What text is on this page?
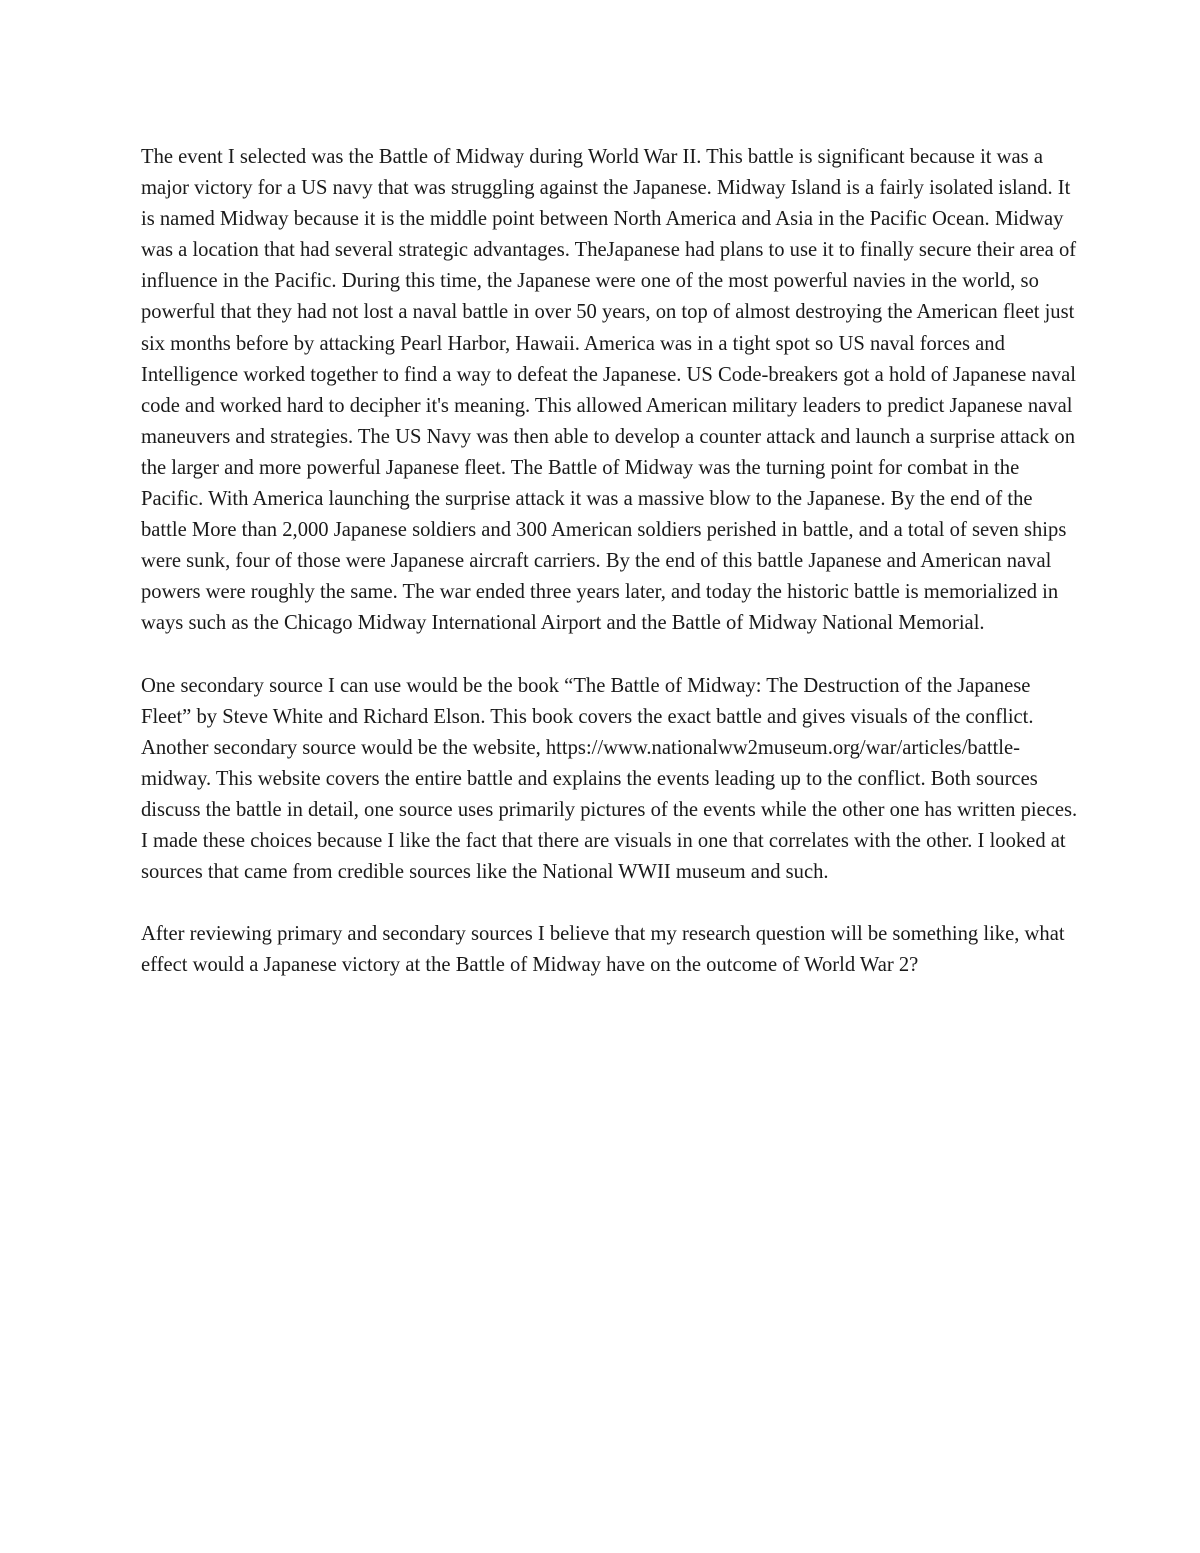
The event I selected was the Battle of Midway during World War II. This battle is significant because it was a major victory for a US navy that was struggling against the Japanese. Midway Island is a fairly isolated island. It is named Midway because it is the middle point between North America and Asia in the Pacific Ocean. Midway was a location that had several strategic advantages. TheJapanese had plans to use it to finally secure their area of influence in the Pacific. During this time, the Japanese were one of the most powerful navies in the world, so powerful that they had not lost a naval battle in over 50 years, on top of almost destroying the American fleet just six months before by attacking Pearl Harbor, Hawaii. America was in a tight spot so US naval forces and Intelligence worked together to find a way to defeat the Japanese. US Code-breakers got a hold of Japanese naval code and worked hard to decipher it's meaning. This allowed American military leaders to predict Japanese naval maneuvers and strategies. The US Navy was then able to develop a counter attack and launch a surprise attack on the larger and more powerful Japanese fleet. The Battle of Midway was the turning point for combat in the Pacific. With America launching the surprise attack it was a massive blow to the Japanese. By the end of the battle More than 2,000 Japanese soldiers and 300 American soldiers perished in battle, and a total of seven ships were sunk, four of those were Japanese aircraft carriers. By the end of this battle Japanese and American naval powers were roughly the same. The war ended three years later, and today the historic battle is memorialized in ways such as the Chicago Midway International Airport and the Battle of Midway National Memorial.

One secondary source I can use would be the book “The Battle of Midway: The Destruction of the Japanese Fleet” by Steve White and Richard Elson. This book covers the exact battle and gives visuals of the conflict. Another secondary source would be the website, https://www.nationalww2museum.org/war/articles/battle-midway. This website covers the entire battle and explains the events leading up to the conflict. Both sources discuss the battle in detail, one source uses primarily pictures of the events while the other one has written pieces. I made these choices because I like the fact that there are visuals in one that correlates with the other. I looked at sources that came from credible sources like the National WWII museum and such.

After reviewing primary and secondary sources I believe that my research question will be something like, what effect would a Japanese victory at the Battle of Midway have on the outcome of World War 2?
